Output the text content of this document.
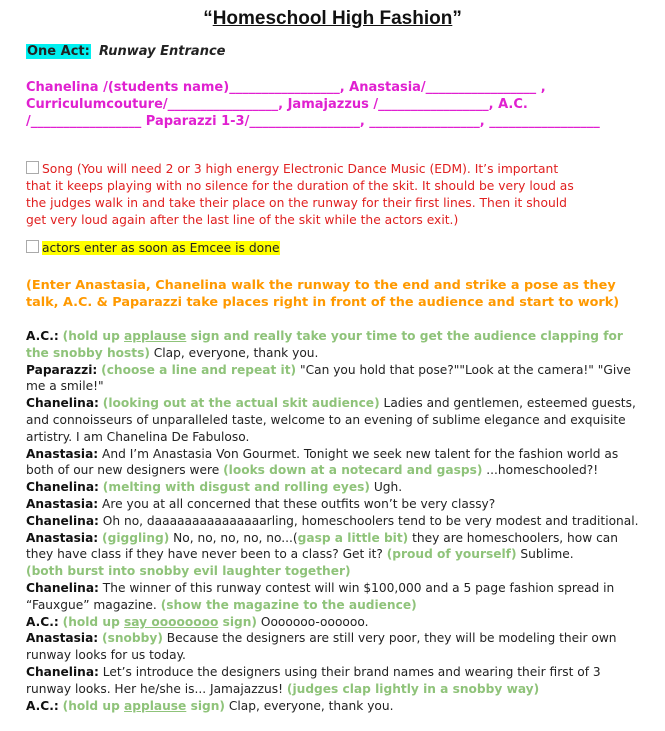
“Homeschool High Fashion”
One Act: Runway Entrance
Chanelina /(students name)_________________, Anastasia/_________________ , Curriculumcouture/_________________, Jamajazzus /_________________, A.C. /_________________ Paparazzi 1-3/_________________, _________________, _________________
Song (You will need 2 or 3 high energy Electronic Dance Music (EDM). It’s important that it keeps playing with no silence for the duration of the skit. It should be very loud as the judges walk in and take their place on the runway for their first lines. Then it should get very loud again after the last line of the skit while the actors exit.)
actors enter as soon as Emcee is done
(Enter Anastasia, Chanelina walk the runway to the end and strike a pose as they talk, A.C. & Paparazzi take places right in front of the audience and start to work)

A.C.: (hold up applause sign and really take your time to get the audience clapping for the snobby hosts) Clap, everyone, thank you.

Paparazzi: (choose a line and repeat it) "Can you hold that pose?""Look at the camera!" "Give me a smile!"

Chanelina: (looking out at the actual skit audience) Ladies and gentlemen, esteemed guests, and connoisseurs of unparalleled taste, welcome to an evening of sublime elegance and exquisite artistry. I am Chanelina De Fabuloso.

Anastasia: And I’m Anastasia Von Gourmet. Tonight we seek new talent for the fashion world as both of our new designers were (looks down at a notecard and gasps) ...homeschooled?!

Chanelina: (melting with disgust and rolling eyes) Ugh.

Anastasia: Are you at all concerned that these outfits won’t be very classy?

Chanelina: Oh no, daaaaaaaaaaaaaaarling, homeschoolers tend to be very modest and traditional.

Anastasia: (giggling) No, no, no, no, no...(gasp a little bit) they are homeschoolers, how can they have class if they have never been to a class? Get it? (proud of yourself) Sublime.

(both burst into snobby evil laughter together)

Chanelina: The winner of this runway contest will win $100,000 and a 5 page fashion spread in “Fauxgue” magazine. (show the magazine to the audience)

A.C.: (hold up say oooooooo sign) Ooooooo-oooooo.

Anastasia: (snobby) Because the designers are still very poor, they will be modeling their own runway looks for us today.

Chanelina: Let’s introduce the designers using their brand names and wearing their first of 3 runway looks. Her he/she is... Jamajazzus! (judges clap lightly in a snobby way)

A.C.: (hold up applause sign) Clap, everyone, thank you.
